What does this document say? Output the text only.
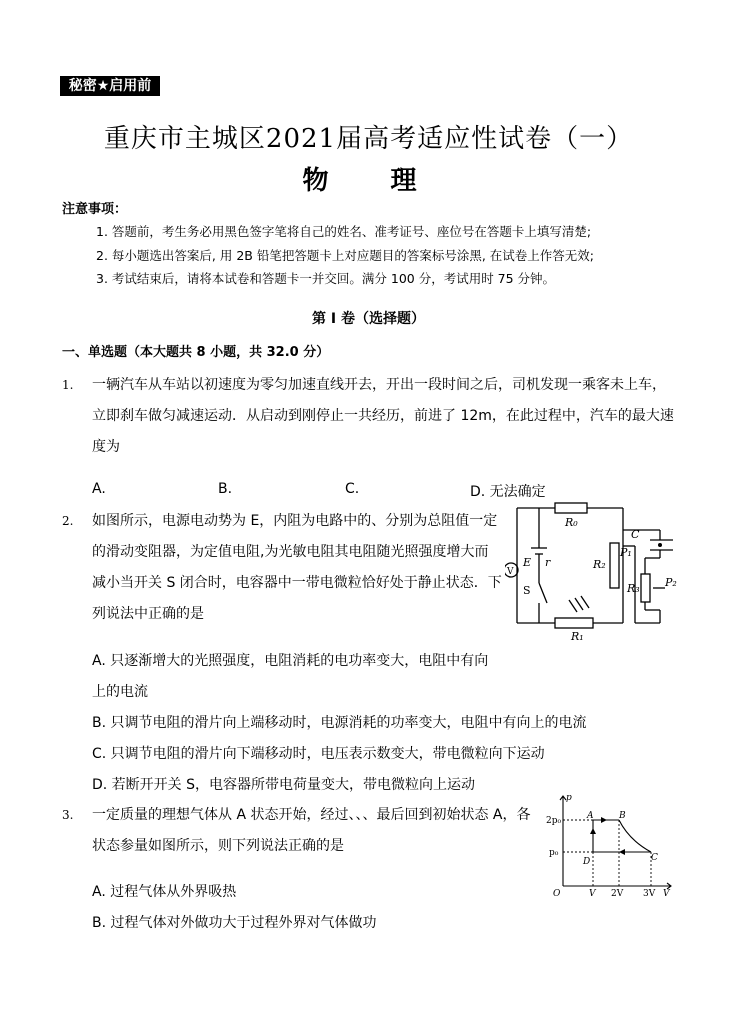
秘密★启用前
重庆市主城区2021届高考适应性试卷（一）
物　理
注意事项：
1. 答题前，考生务必用黑色签字笔将自己的姓名、准考证号、座位号在答题卡上填写清楚;
2. 每小题选出答案后, 用 2B 铅笔把答题卡上对应题目的答案标号涂黑, 在试卷上作答无效;
3. 考试结束后，请将本试卷和答题卡一并交回。满分 100 分，考试用时 75 分钟。
第 I 卷（选择题）
一、单选题（本大题共 8 小题，共 32.0 分）
1. 一辆汽车从车站以初速度为零匀加速直线开去，开出一段时间之后，司机发现一乘客未上车，
立即刹车做匀减速运动．从启动到刚停止一共经历，前进了 12m，在此过程中，汽车的最大速
度为
A.	B.	C.	D. 无法确定
2. 如图所示，电源电动势为 E，内阻为电路中的、分别为总阻值一定
的滑动变阻器，为定值电阻,为光敏电阻其电阻随光照强度增大而
减小当开关 S 闭合时，电容器中一带电微粒恰好处于静止状态．下
列说法中正确的是
A. 只逐渐增大的光照强度，电阻消耗的电功率变大，电阻中有向
上的电流
B. 只调节电阻的滑片向上端移动时，电源消耗的功率变大，电阻中有向上的电流
C. 只调节电阻的滑片向下端移动时，电压表示数变大，带电微粒向下运动
D. 若断开开关 S，电容器所带电荷量变大，带电微粒向上运动
R₀
R₁
R₂
R₃
C
P₁
P₂
E r
S
V
3. 一定质量的理想气体从 A 状态开始，经过、、、最后回到初始状态 A，各
状态参量如图所示，则下列说法正确的是
A. 过程气体从外界吸热
B. 过程气体对外做功大于过程外界对气体做功
p
V
O
2p₀
p₀
V 2V 3V
A	B
C
D
